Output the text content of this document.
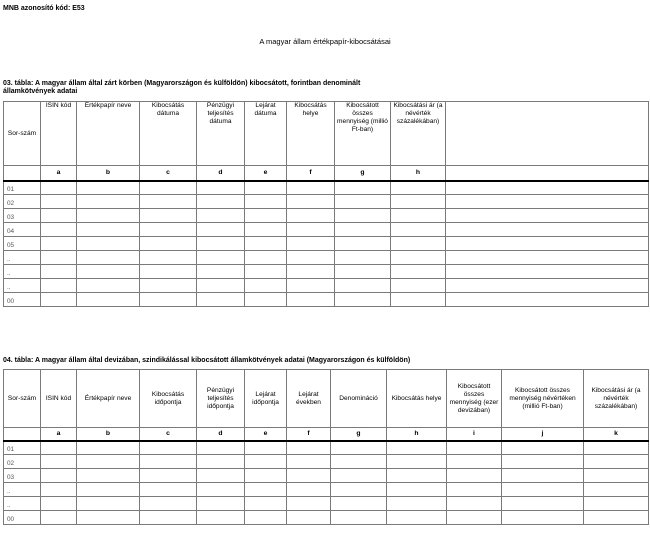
MNB azonosító kód: E53
A magyar állam értékpapír-kibocsátásai
03. tábla: A magyar állam által zárt körben (Magyarországon és külföldön) kibocsátott, forintban denominált
államkötvények adatai
Sor-szám	ISIN kód	Értékpapír neve	Kibocsátás dátuma	Pénzügyi teljesítés dátuma	Lejárat dátuma	Kibocsátás helye	Kibocsátott összes mennyiség (millió Ft-ban)	Kibocsátási ár (a névérték százalékában)	
	a	b	c	d	e	f	g	h	
01									
02									
03									
04									
05									
..									
..									
..									
00									
04. tábla: A magyar állam által devizában, szindikálással kibocsátott államkötvények adatai (Magyarországon és külföldön)
Sor-szám	ISIN kód	Értékpapír neve	Kibocsátás időpontja	Pénzügyi teljesítés időpontja	Lejárat időpontja	Lejárat években	Denomináció	Kibocsátás helye	Kibocsátott összes mennyiség (ezer devizában)	Kibocsátott összes mennyiség névértéken (millió Ft-ban)	Kibocsátási ár (a névérték százalékában)
	a	b	c	d	e	f	g	h	i	j	k
01											
02											
03											
..											
..											
00											
